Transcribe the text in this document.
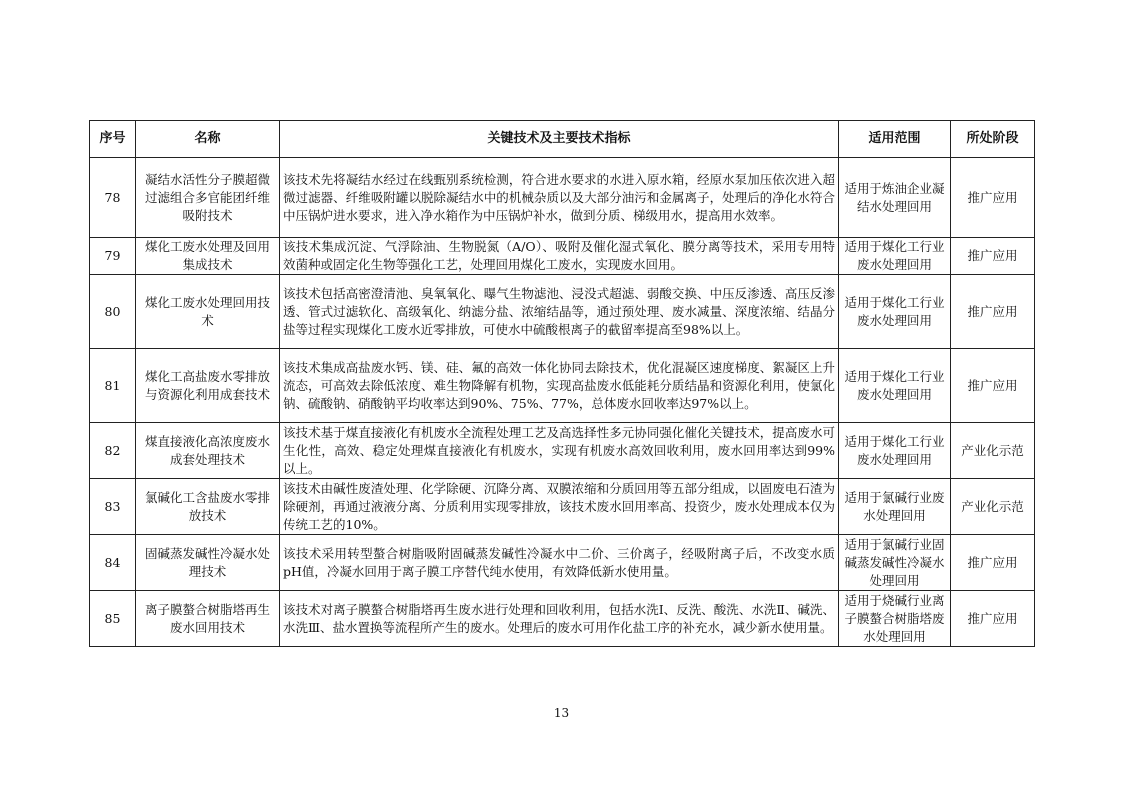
序号	名称	关键技术及主要技术指标	适用范围	所处阶段
78	凝结水活性分子膜超微过滤组合多官能团纤维吸附技术	该技术先将凝结水经过在线甄别系统检测，符合进水要求的水进入原水箱，经原水泵加压依次进入超微过滤器、纤维吸附罐以脱除凝结水中的机械杂质以及大部分油污和金属离子，处理后的净化水符合中压锅炉进水要求，进入净水箱作为中压锅炉补水，做到分质、梯级用水，提高用水效率。	适用于炼油企业凝结水处理回用	推广应用
79	煤化工废水处理及回用集成技术	该技术集成沉淀、气浮除油、生物脱氮（A/O）、吸附及催化湿式氧化、膜分离等技术，采用专用特效菌种或固定化生物等强化工艺，处理回用煤化工废水，实现废水回用。	适用于煤化工行业废水处理回用	推广应用
80	煤化工废水处理回用技术	该技术包括高密澄清池、臭氧氧化、曝气生物滤池、浸没式超滤、弱酸交换、中压反渗透、高压反渗透、管式过滤软化、高级氧化、纳滤分盐、浓缩结晶等，通过预处理、废水减量、深度浓缩、结晶分盐等过程实现煤化工废水近零排放，可使水中硫酸根离子的截留率提高至98%以上。	适用于煤化工行业废水处理回用	推广应用
81	煤化工高盐废水零排放与资源化利用成套技术	该技术集成高盐废水钙、镁、硅、氟的高效一体化协同去除技术，优化混凝区速度梯度、絮凝区上升流态，可高效去除低浓度、难生物降解有机物，实现高盐废水低能耗分质结晶和资源化利用，使氯化钠、硫酸钠、硝酸钠平均收率达到90%、75%、77%，总体废水回收率达97%以上。	适用于煤化工行业废水处理回用	推广应用
82	煤直接液化高浓度废水成套处理技术	该技术基于煤直接液化有机废水全流程处理工艺及高选择性多元协同强化催化关键技术，提高废水可生化性，高效、稳定处理煤直接液化有机废水，实现有机废水高效回收利用，废水回用率达到99%以上。	适用于煤化工行业废水处理回用	产业化示范
83	氯碱化工含盐废水零排放技术	该技术由碱性废渣处理、化学除硬、沉降分离、双膜浓缩和分质回用等五部分组成，以固废电石渣为除硬剂，再通过液液分离、分质利用实现零排放，该技术废水回用率高、投资少，废水处理成本仅为传统工艺的10%。	适用于氯碱行业废水处理回用	产业化示范
84	固碱蒸发碱性冷凝水处理技术	该技术采用转型螯合树脂吸附固碱蒸发碱性冷凝水中二价、三价离子，经吸附离子后，不改变水质pH值，冷凝水回用于离子膜工序替代纯水使用，有效降低新水使用量。	适用于氯碱行业固碱蒸发碱性冷凝水处理回用	推广应用
85	离子膜螯合树脂塔再生废水回用技术	该技术对离子膜螯合树脂塔再生废水进行处理和回收利用，包括水洗Ⅰ、反洗、酸洗、水洗Ⅱ、碱洗、水洗Ⅲ、盐水置换等流程所产生的废水。处理后的废水可用作化盐工序的补充水，减少新水使用量。	适用于烧碱行业离子膜螯合树脂塔废水处理回用	推广应用
13
